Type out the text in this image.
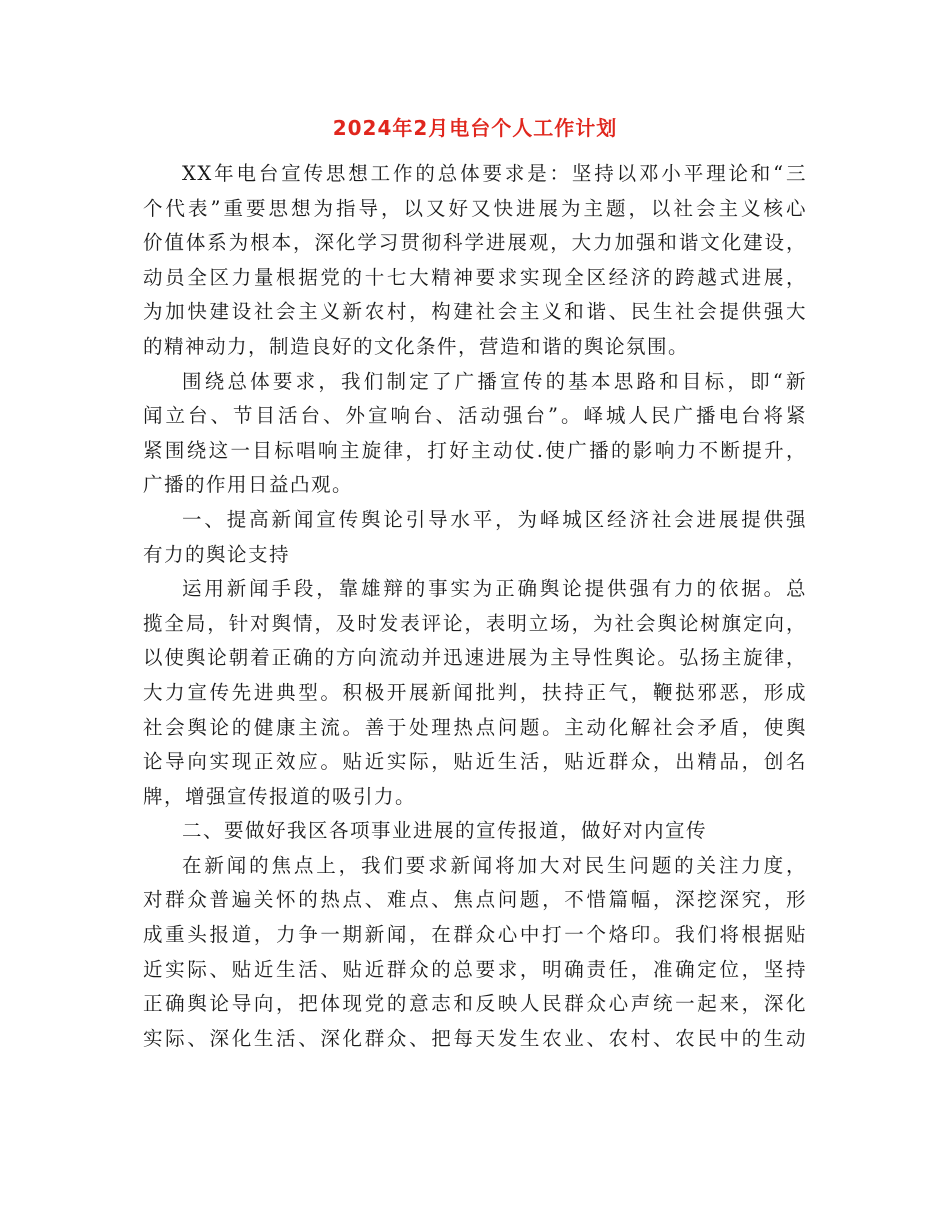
2024年2月电台个人工作计划
XX年电台宣传思想工作的总体要求是：坚持以邓小平理论和“三
个代表”重要思想为指导，以又好又快进展为主题，以社会主义核心
价值体系为根本，深化学习贯彻科学进展观，大力加强和谐文化建设，
动员全区力量根据党的十七大精神要求实现全区经济的跨越式进展，
为加快建设社会主义新农村，构建社会主义和谐、民生社会提供强大
的精神动力，制造良好的文化条件，营造和谐的舆论氛围。
围绕总体要求，我们制定了广播宣传的基本思路和目标，即“新
闻立台、节目活台、外宣响台、活动强台”。峄城人民广播电台将紧
紧围绕这一目标唱响主旋律，打好主动仗.使广播的影响力不断提升，
广播的作用日益凸观。
一、提高新闻宣传舆论引导水平，为峄城区经济社会进展提供强
有力的舆论支持
运用新闻手段，靠雄辩的事实为正确舆论提供强有力的依据。总
揽全局，针对舆情，及时发表评论，表明立场，为社会舆论树旗定向，
以使舆论朝着正确的方向流动并迅速进展为主导性舆论。弘扬主旋律，
大力宣传先进典型。积极开展新闻批判，扶持正气，鞭挞邪恶，形成
社会舆论的健康主流。善于处理热点问题。主动化解社会矛盾，使舆
论导向实现正效应。贴近实际，贴近生活，贴近群众，出精品，创名
牌，增强宣传报道的吸引力。
二、要做好我区各项事业进展的宣传报道，做好对内宣传
在新闻的焦点上，我们要求新闻将加大对民生问题的关注力度，
对群众普遍关怀的热点、难点、焦点问题，不惜篇幅，深挖深究，形
成重头报道，力争一期新闻，在群众心中打一个烙印。我们将根据贴
近实际、贴近生活、贴近群众的总要求，明确责任，准确定位，坚持
正确舆论导向，把体现党的意志和反映人民群众心声统一起来，深化
实际、深化生活、深化群众、把每天发生农业、农村、农民中的生动
